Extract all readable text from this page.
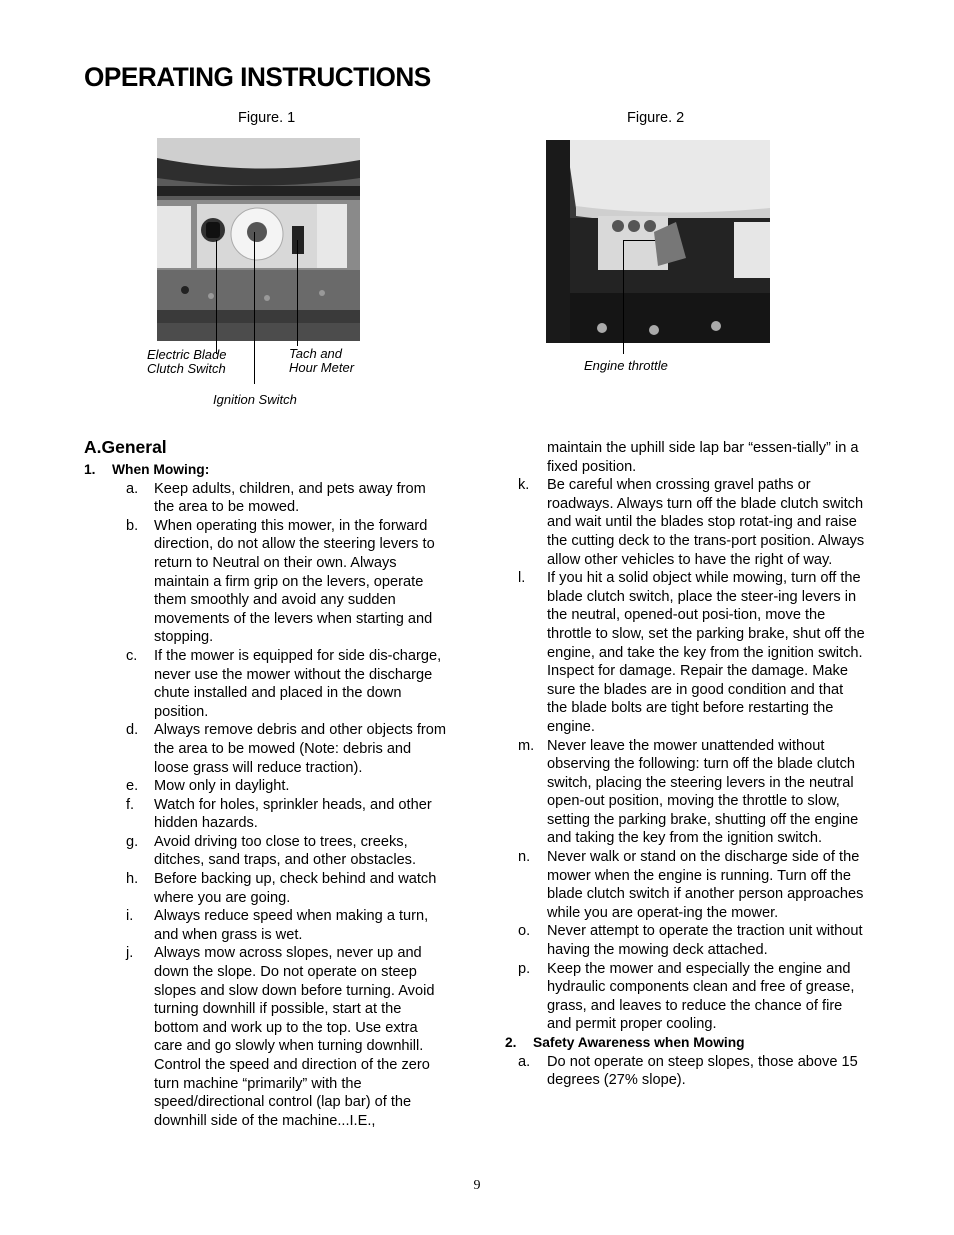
OPERATING INSTRUCTIONS
Figure. 1
Electric Blade
Clutch Switch
Tach and
Hour Meter
Ignition Switch
Figure. 2
Engine throttle
A.General
1. When Mowing:
a. Keep adults, children, and pets away from the area to be mowed.
b. When operating this mower, in the forward direction, do not allow the steering levers to return to Neutral on their own. Always maintain a firm grip on the levers, operate them smoothly and avoid any sudden movements of the levers when starting and stopping.
c. If the mower is equipped for side dis-charge, never use the mower without the discharge chute installed and placed in the down position.
d. Always remove debris and other objects from the area to be mowed (Note: debris and loose grass will reduce traction).
e. Mow only in daylight.
f. Watch for holes, sprinkler heads, and other hidden hazards.
g. Avoid driving too close to trees, creeks, ditches, sand traps, and other obstacles.
h. Before backing up, check behind and watch where you are going.
i. Always reduce speed when making a turn, and when grass is wet.
j. Always mow across slopes, never up and down the slope. Do not operate on steep slopes and slow down before turning. Avoid turning downhill if possible, start at the bottom and work up to the top. Use extra care and go slowly when turning downhill. Control the speed and direction of the zero turn machine “primarily” with the speed/directional control (lap bar) of the downhill side of the machine...I.E.,
maintain the uphill side lap bar “essen-tially” in a fixed position.
k. Be careful when crossing gravel paths or roadways. Always turn off the blade clutch switch and wait until the blades stop rotat-ing and raise the cutting deck to the trans-port position. Always allow other vehicles to have the right of way.
l. If you hit a solid object while mowing, turn off the blade clutch switch, place the steer-ing levers in the neutral, opened-out posi-tion, move the throttle to slow, set the parking brake, shut off the engine, and take the key from the ignition switch. Inspect for damage. Repair the damage. Make sure the blades are in good condition and that the blade bolts are tight before restarting the engine.
m. Never leave the mower unattended without observing the following: turn off the blade clutch switch, placing the steering levers in the neutral open-out position, moving the throttle to slow, setting the parking brake, shutting off the engine and taking the key from the ignition switch.
n. Never walk or stand on the discharge side of the mower when the engine is running. Turn off the blade clutch switch if another person approaches while you are operat-ing the mower.
o. Never attempt to operate the traction unit without having the mowing deck attached.
p. Keep the mower and especially the engine and hydraulic components clean and free of grease, grass, and leaves to reduce the chance of fire and permit proper cooling.
2. Safety Awareness when Mowing
a. Do not operate on steep slopes, those above 15 degrees (27% slope).
9
